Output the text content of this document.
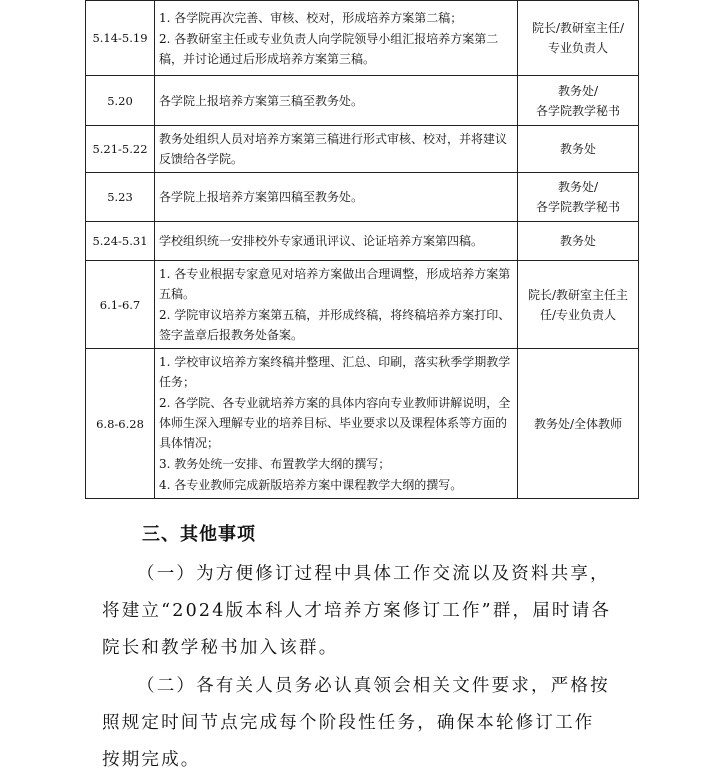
5.14-5.19	1. 各学院再次完善、审核、校对，形成培养方案第二稿；
2. 各教研室主任或专业负责人向学院领导小组汇报培养方案第二稿，并讨论通过后形成培养方案第三稿。	院长/教研室主任/
专业负责人

5.20	各学院上报培养方案第三稿至教务处。	教务处/
各学院教学秘书

5.21-5.22	教务处组织人员对培养方案第三稿进行形式审核、校对，并将建议反馈给各学院。	教务处

5.23	各学院上报培养方案第四稿至教务处。	教务处/
各学院教学秘书

5.24-5.31	学校组织统一安排校外专家通讯评议、论证培养方案第四稿。	教务处

6.1-6.7	1. 各专业根据专家意见对培养方案做出合理调整，形成培养方案第五稿。
2. 学院审议培养方案第五稿，并形成终稿，将终稿培养方案打印、签字盖章后报教务处备案。	院长/教研室主任主
任/专业负责人

6.8-6.28	1. 学校审议培养方案终稿并整理、汇总、印刷，落实秋季学期教学任务；
2. 各学院、各专业就培养方案的具体内容向专业教师讲解说明，全体师生深入理解专业的培养目标、毕业要求以及课程体系等方面的具体情况；
3. 教务处统一安排、布置教学大纲的撰写；
4. 各专业教师完成新版培养方案中课程教学大纲的撰写。	教务处/全体教师
三、其他事项

（一）为方便修订过程中具体工作交流以及资料共享，将建立“2024版本科人才培养方案修订工作”群，届时请各院长和教学秘书加入该群。

（二）各有关人员务必认真领会相关文件要求，严格按照规定时间节点完成每个阶段性任务，确保本轮修订工作按期完成。
